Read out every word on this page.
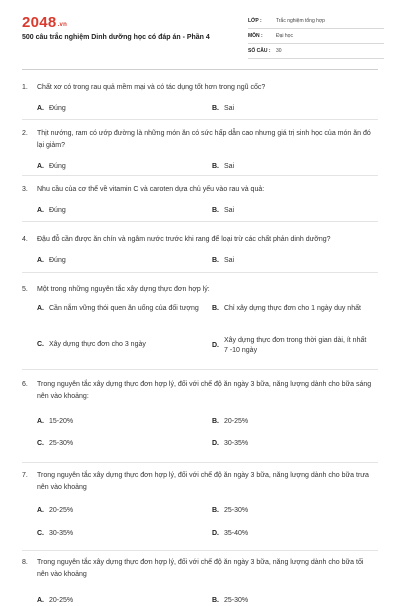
2048.vn
500 câu trắc nghiệm Dinh dưỡng học có đáp án - Phần 4
LỚP :	Trắc nghiệm tổng hợp
MÔN :	Đại học
SỐ CÂU :	30
1.	Chất xơ có trong rau quả mềm mại và có tác dụng tốt hơn trong ngũ cốc?
A. Đúng	B. Sai
2.	Thịt nướng, ram có ướp đường là những món ăn có sức hấp dẫn cao nhưng giá trị sinh học của món ăn đó lại giảm?
A. Đúng	B. Sai
3.	Nhu cầu của cơ thể về vitamin C và caroten dựa chủ yếu vào rau và quả:
A. Đúng	B. Sai
4.	Đậu đỗ cần được ăn chín và ngâm nước trước khi rang để loại trừ các chất phản dinh dưỡng?
A. Đúng	B. Sai
5.	Một trong những nguyên tắc xây dựng thực đơn hợp lý:
A. Cần nắm vững thói quen ăn uống của đối tượng B. Chỉ xây dựng thực đơn cho 1 ngày duy nhất
C. Xây dựng thực đơn cho 3 ngày	D.
Xây dựng thực đơn trong thời gian dài, ít nhất 7 -10 ngày
6.	Trong nguyên tắc xây dựng thực đơn hợp lý, đối với chế độ ăn ngày 3 bữa, năng lượng dành cho bữa sáng nên vào khoảng:
A. 15-20%	B. 20-25%
C. 25-30%	D. 30-35%
7.	Trong nguyên tắc xây dựng thực đơn hợp lý, đối với chế độ ăn ngày 3 bữa, năng lượng dành cho bữa trưa nên vào khoảng
A. 20-25%	B. 25-30%
C. 30-35%	D. 35-40%
8.	Trong nguyên tắc xây dựng thực đơn hợp lý, đối với chế độ ăn ngày 3 bữa, năng lượng dành cho bữa tối nên vào khoảng
A. 20-25%	B. 25-30%
